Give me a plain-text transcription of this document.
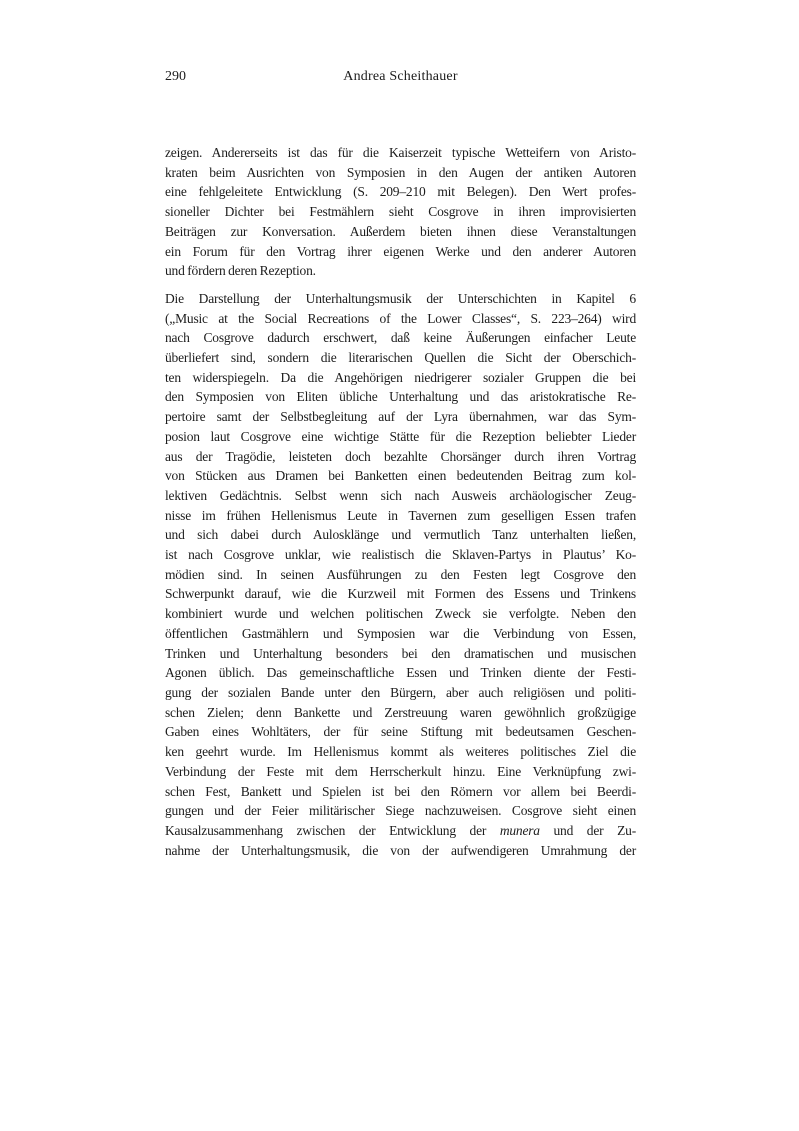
290	Andrea Scheithauer
zeigen. Andererseits ist das für die Kaiserzeit typische Wetteifern von Aristo-
kraten beim Ausrichten von Symposien in den Augen der antiken Autoren
eine fehlgeleitete Entwicklung (S. 209–210 mit Belegen). Den Wert profes-
sioneller Dichter bei Festmählern sieht Cosgrove in ihren improvisierten
Beiträgen zur Konversation. Außerdem bieten ihnen diese Veranstaltungen
ein Forum für den Vortrag ihrer eigenen Werke und den anderer Autoren
und fördern deren Rezeption.
Die Darstellung der Unterhaltungsmusik der Unterschichten in Kapitel 6
(„Music at the Social Recreations of the Lower Classes“, S. 223–264) wird
nach Cosgrove dadurch erschwert, daß keine Äußerungen einfacher Leute
überliefert sind, sondern die literarischen Quellen die Sicht der Oberschich-
ten widerspiegeln. Da die Angehörigen niedrigerer sozialer Gruppen die bei
den Symposien von Eliten übliche Unterhaltung und das aristokratische Re-
pertoire samt der Selbstbegleitung auf der Lyra übernahmen, war das Sym-
posion laut Cosgrove eine wichtige Stätte für die Rezeption beliebter Lieder
aus der Tragödie, leisteten doch bezahlte Chorsänger durch ihren Vortrag
von Stücken aus Dramen bei Banketten einen bedeutenden Beitrag zum kol-
lektiven Gedächtnis. Selbst wenn sich nach Ausweis archäologischer Zeug-
nisse im frühen Hellenismus Leute in Tavernen zum geselligen Essen trafen
und sich dabei durch Aulosklänge und vermutlich Tanz unterhalten ließen,
ist nach Cosgrove unklar, wie realistisch die Sklaven-Partys in Plautus’ Ko-
mödien sind. In seinen Ausführungen zu den Festen legt Cosgrove den
Schwerpunkt darauf, wie die Kurzweil mit Formen des Essens und Trinkens
kombiniert wurde und welchen politischen Zweck sie verfolgte. Neben den
öffentlichen Gastmählern und Symposien war die Verbindung von Essen,
Trinken und Unterhaltung besonders bei den dramatischen und musischen
Agonen üblich. Das gemeinschaftliche Essen und Trinken diente der Festi-
gung der sozialen Bande unter den Bürgern, aber auch religiösen und politi-
schen Zielen; denn Bankette und Zerstreuung waren gewöhnlich großzügige
Gaben eines Wohltäters, der für seine Stiftung mit bedeutsamen Geschen-
ken geehrt wurde. Im Hellenismus kommt als weiteres politisches Ziel die
Verbindung der Feste mit dem Herrscherkult hinzu. Eine Verknüpfung zwi-
schen Fest, Bankett und Spielen ist bei den Römern vor allem bei Beerdi-
gungen und der Feier militärischer Siege nachzuweisen. Cosgrove sieht einen
Kausalzusammenhang zwischen der Entwicklung der munera und der Zu-
nahme der Unterhaltungsmusik, die von der aufwendigeren Umrahmung der
